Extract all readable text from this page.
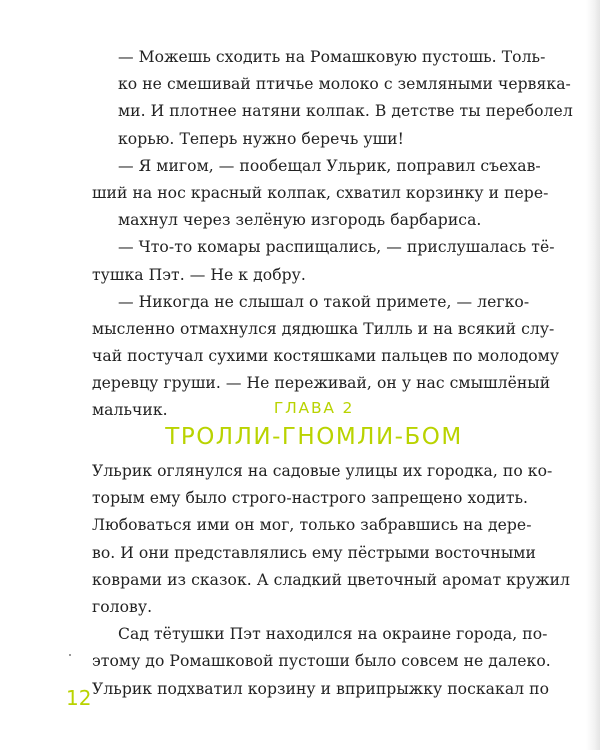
— Можешь сходить на Ромашковую пустошь. Толь-
ко не смешивай птичье молоко с земляными червяка-
ми. И плотнее натяни колпак. В детстве ты переболел
корью. Теперь нужно беречь уши!
— Я мигом, — пообещал Ульрик, поправил съехав-
ший на нос красный колпак, схватил корзинку и пере-
махнул через зелёную изгородь барбариса.
— Что-то комары распищались, — прислушалась тё-
тушка Пэт. — Не к добру.
— Никогда не слышал о такой примете, — легко-
мысленно отмахнулся дядюшка Тилль и на всякий слу-
чай постучал сухими костяшками пальцев по молодому
деревцу груши. — Не переживай, он у нас смышлёный
мальчик.	ГЛАВА 2
ТРОЛЛИ-ГНОМЛИ-БОМ
Ульрик оглянулся на садовые улицы их городка, по ко-
торым ему было строго-настрого запрещено ходить.
Любоваться ими он мог, только забравшись на дере-
во. И они представлялись ему пёстрыми восточными
коврами из сказок. А сладкий цветочный аромат кружил
голову.
Сад тётушки Пэт находился на окраине города, по-
этому до Ромашковой пустоши было совсем не далеко.
Ульрик подхватил корзину и вприпрыжку поскакал по
12
